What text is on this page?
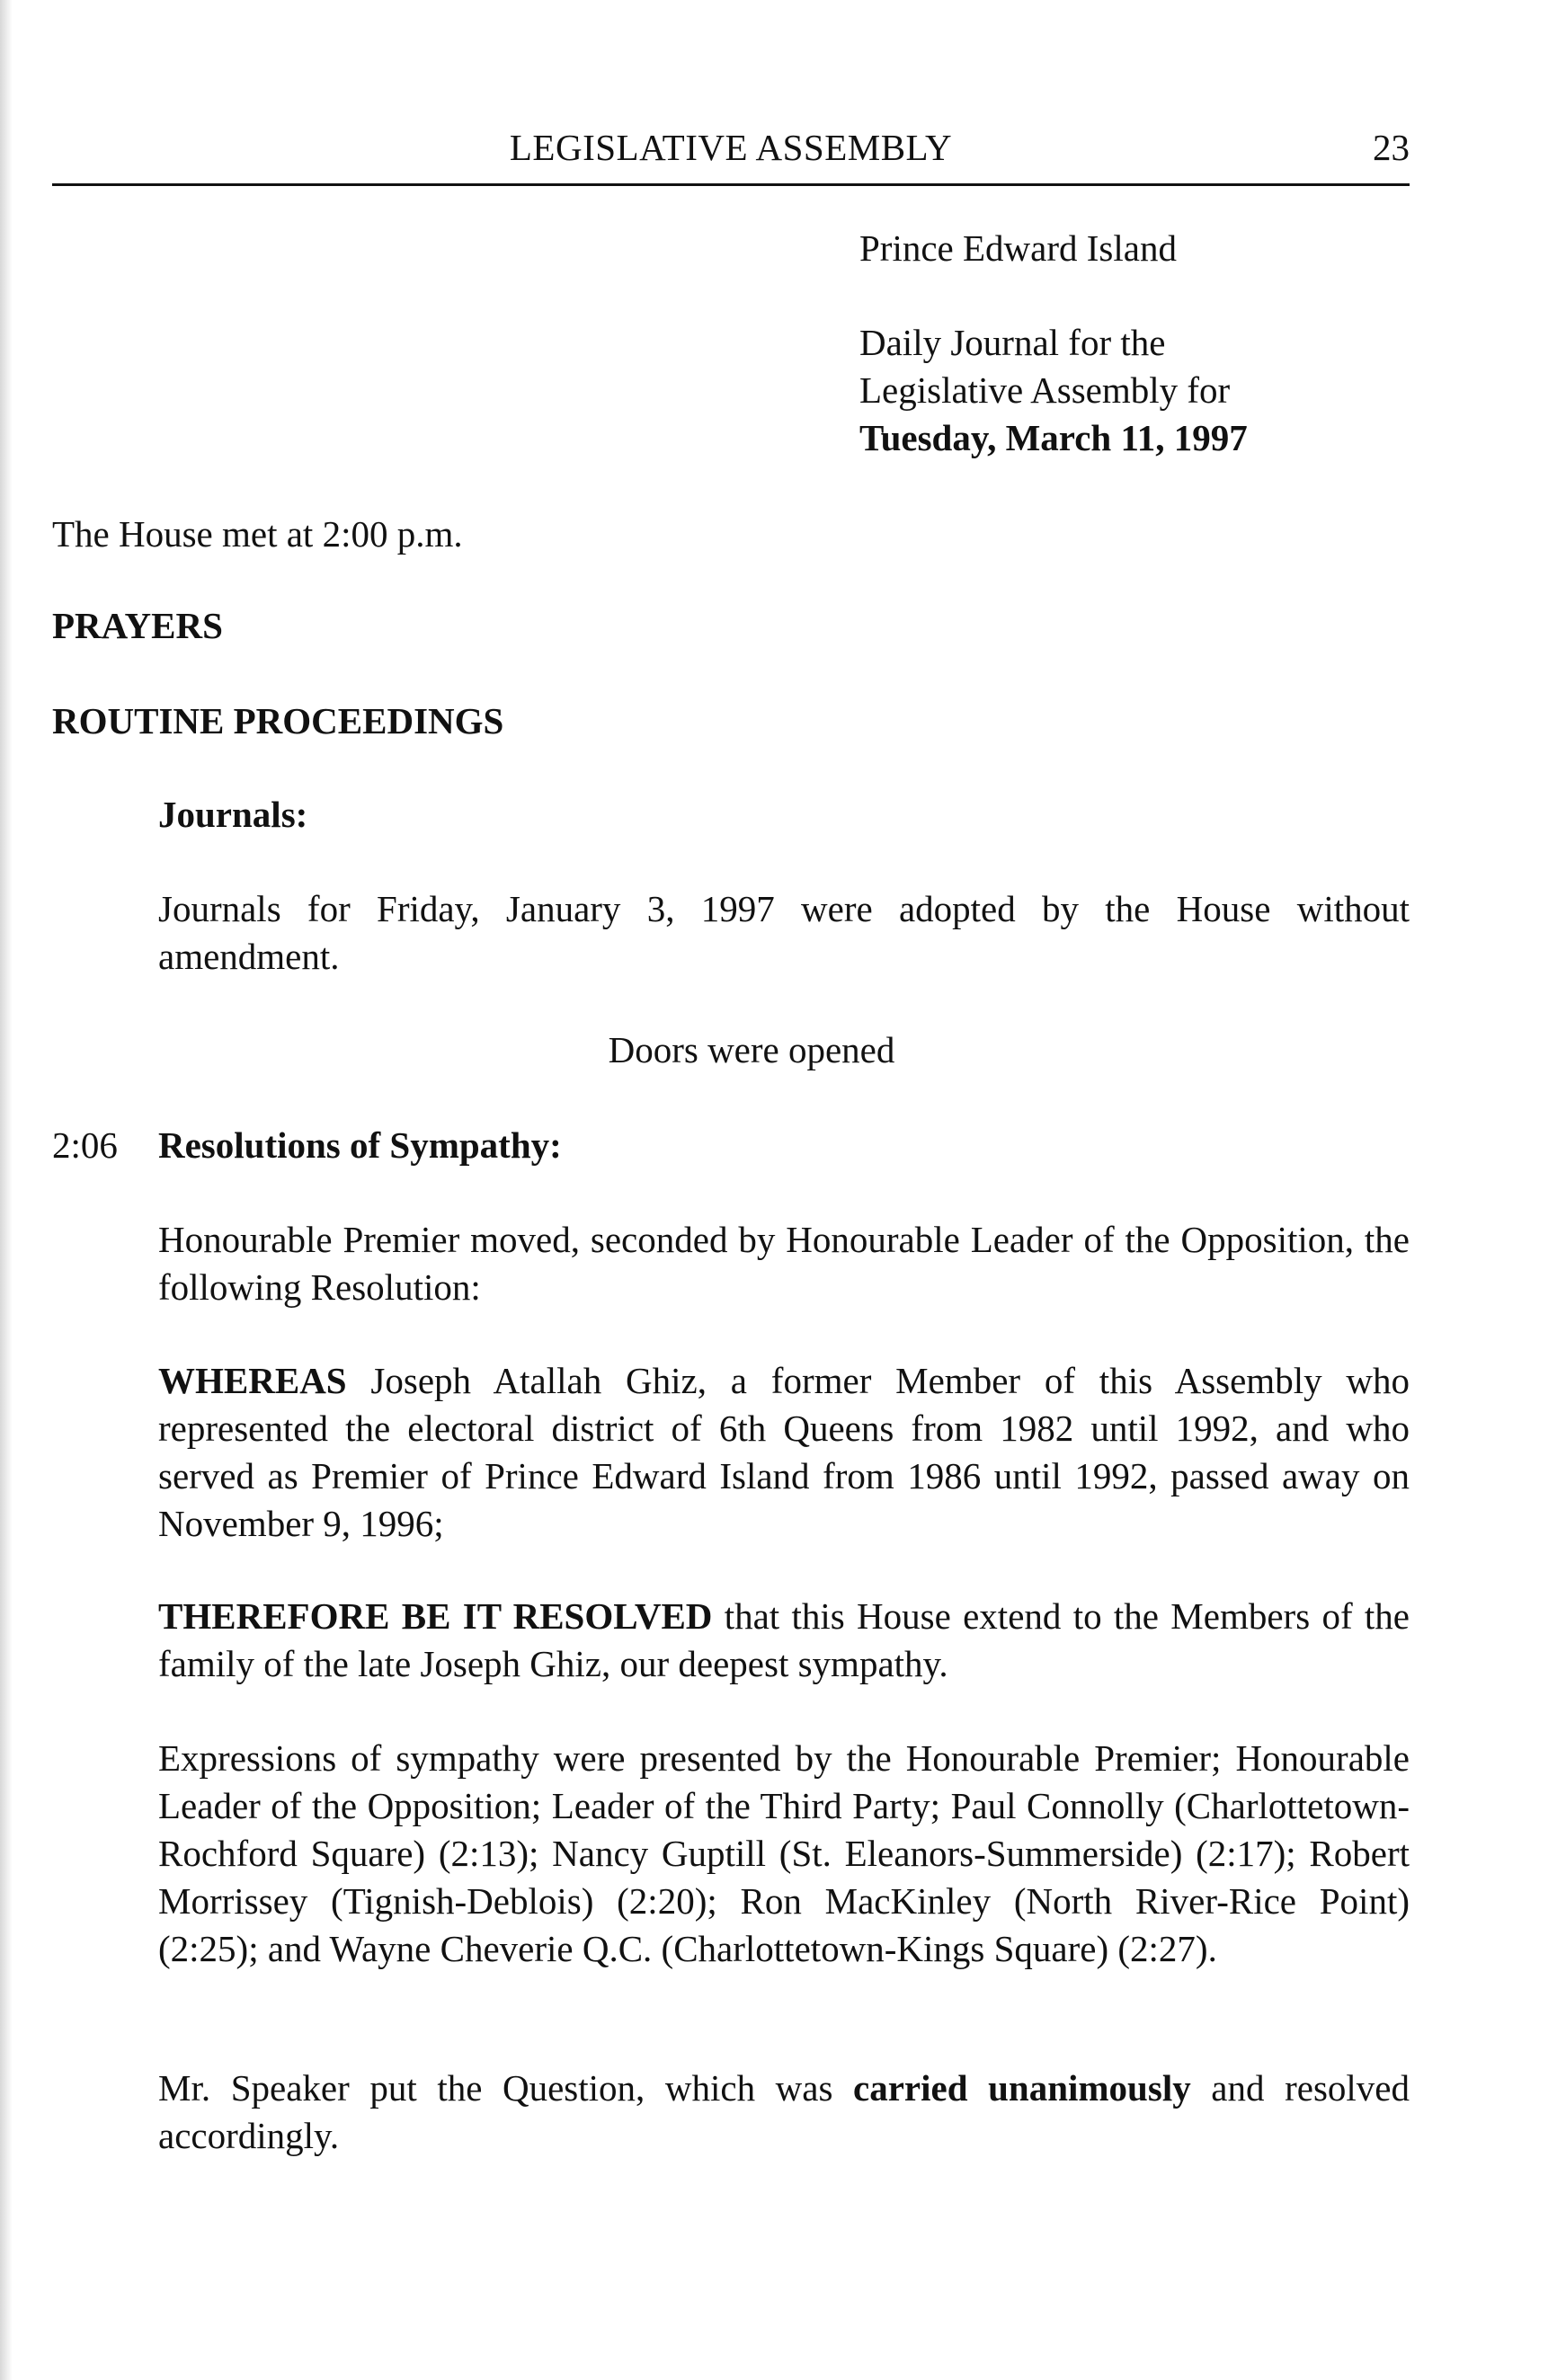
LEGISLATIVE ASSEMBLY	23
Prince Edward Island
Daily Journal for the
Legislative Assembly for
Tuesday, March 11, 1997
The House met at 2:00 p.m.
PRAYERS
ROUTINE PROCEEDINGS
Journals:
Journals for Friday, January 3, 1997 were adopted by the House without amendment.
Doors were opened
2:06 Resolutions of Sympathy:
Honourable Premier moved, seconded by Honourable Leader of the Opposition, the following Resolution:
WHEREAS Joseph Atallah Ghiz, a former Member of this Assembly who represented the electoral district of 6th Queens from 1982 until 1992, and who served as Premier of Prince Edward Island from 1986 until 1992, passed away on November 9, 1996;
THEREFORE BE IT RESOLVED that this House extend to the Members of the family of the late Joseph Ghiz, our deepest sympathy.
Expressions of sympathy were presented by the Honourable Premier; Honourable Leader of the Opposition; Leader of the Third Party; Paul Connolly (Charlottetown-Rochford Square) (2:13); Nancy Guptill (St. Eleanors-Summerside) (2:17); Robert Morrissey (Tignish-Deblois) (2:20); Ron MacKinley (North River-Rice Point) (2:25); and Wayne Cheverie Q.C. (Charlottetown-Kings Square) (2:27).
Mr. Speaker put the Question, which was carried unanimously and resolved accordingly.
